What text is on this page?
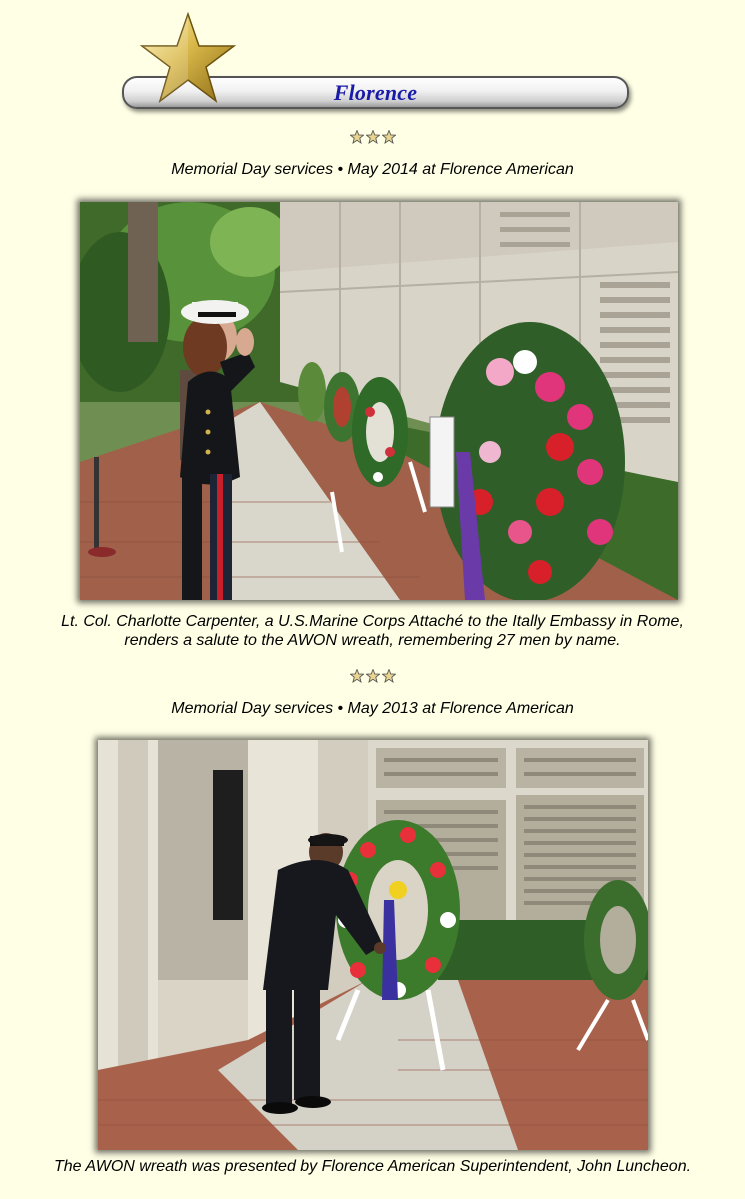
Florence
Memorial Day services • May 2014 at Florence American
Lt. Col. Charlotte Carpenter, a U.S.Marine Corps Attaché to the Itally Embassy in Rome,
renders a salute to the AWON wreath, remembering 27 men by name.
Memorial Day services • May 2013 at Florence American
The AWON wreath was presented by Florence American Superintendent, John Luncheon.
